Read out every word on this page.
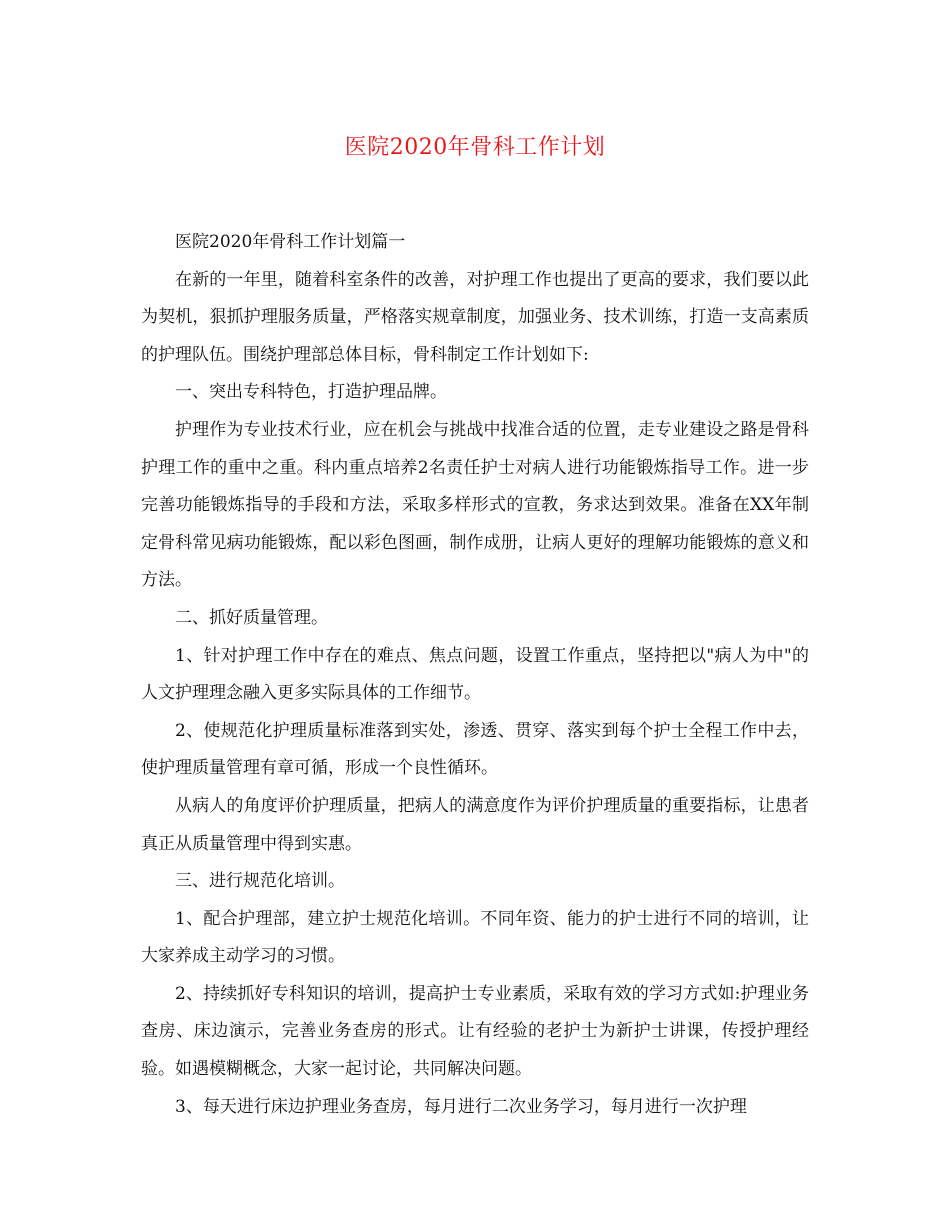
医院2020年骨科工作计划

医院2020年骨科工作计划篇一

在新的一年里，随着科室条件的改善，对护理工作也提出了更高的要求，我们要以此为契机，狠抓护理服务质量，严格落实规章制度，加强业务、技术训练，打造一支高素质的护理队伍。围绕护理部总体目标，骨科制定工作计划如下:

一、突出专科特色，打造护理品牌。

护理作为专业技术行业，应在机会与挑战中找准合适的位置，走专业建设之路是骨科护理工作的重中之重。科内重点培养2名责任护士对病人进行功能锻炼指导工作。进一步完善功能锻炼指导的手段和方法，采取多样形式的宣教，务求达到效果。准备在XX年制定骨科常见病功能锻炼，配以彩色图画，制作成册，让病人更好的理解功能锻炼的意义和方法。

二、抓好质量管理。

1、针对护理工作中存在的难点、焦点问题，设置工作重点，坚持把以"病人为中"的人文护理理念融入更多实际具体的工作细节。

2、使规范化护理质量标准落到实处，渗透、贯穿、落实到每个护士全程工作中去，使护理质量管理有章可循，形成一个良性循环。

从病人的角度评价护理质量，把病人的满意度作为评价护理质量的重要指标，让患者真正从质量管理中得到实惠。

三、进行规范化培训。

1、配合护理部，建立护士规范化培训。不同年资、能力的护士进行不同的培训，让大家养成主动学习的习惯。

2、持续抓好专科知识的培训，提高护士专业素质，采取有效的学习方式如:护理业务查房、床边演示，完善业务查房的形式。让有经验的老护士为新护士讲课，传授护理经验。如遇模糊概念，大家一起讨论，共同解决问题。

3、每天进行床边护理业务查房，每月进行二次业务学习，每月进行一次护理
